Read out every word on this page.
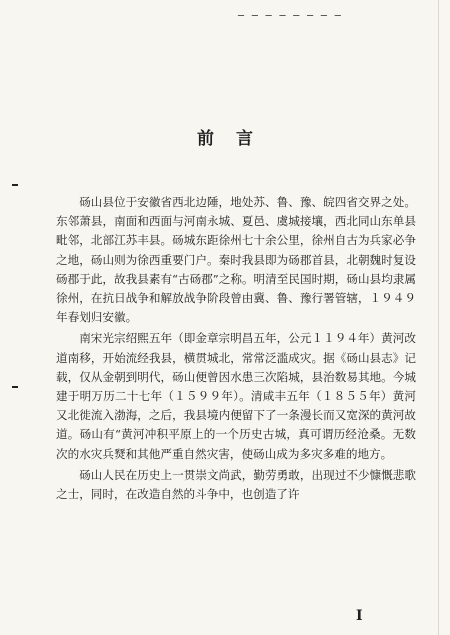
_ _ _ _ _ _ _ _
前言

砀山县位于安徽省西北边陲，地处苏、鲁、豫、皖四省交界之处。东邻萧县，南面和西面与河南永城、夏邑、虞城接壤，西北同山东单县毗邻，北部江苏丰县。砀城东距徐州七十余公里，徐州自古为兵家必争之地，砀山则为徐西重要门户。秦时我县即为砀郡首县，北朝魏时复设砀郡于此，故我县素有“古砀郡”之称。明清至民国时期，砀山县均隶属徐州，在抗日战争和解放战争阶段曾由冀、鲁、豫行署管辖，１９４９年春划归安徽。

南宋光宗绍熙五年（即金章宗明昌五年，公元１１９４年）黄河改道南移，开始流经我县，横贯城北，常常泛滥成灾。据《砀山县志》记载，仅从金朝到明代，砀山便曾因水患三次陷城，县治数易其地。今城建于明万历二十七年（１５９９年）。清咸丰五年（１８５５年）黄河又北徙流入渤海，之后，我县境内便留下了一条漫长而又宽深的黄河故道。砀山有“黄河冲积平原上的一个历史古城，真可谓历经沧桑。无数次的水灾兵燹和其他严重自然灾害，使砀山成为多灾多难的地方。

砀山人民在历史上一贯崇文尚武，勤劳勇敢，出现过不少慷慨悲歌之士，同时，在改造自然的斗争中，也创造了许

I
